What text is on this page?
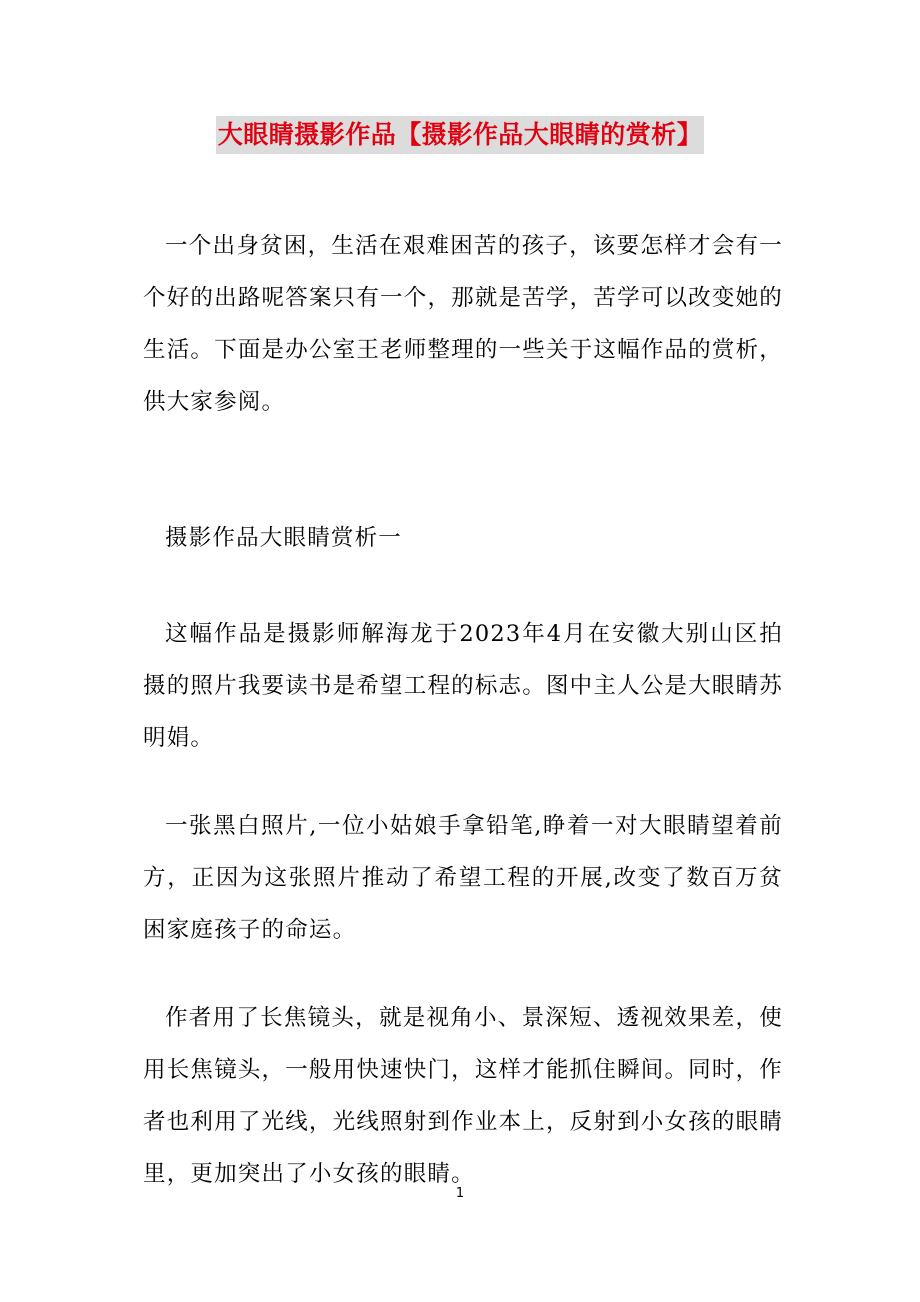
大眼睛摄影作品【摄影作品大眼睛的赏析】

一个出身贫困，生活在艰难困苦的孩子，该要怎样才会有一个好的出路呢答案只有一个，那就是苦学，苦学可以改变她的生活。下面是办公室王老师整理的一些关于这幅作品的赏析，供大家参阅。

摄影作品大眼睛赏析一

这幅作品是摄影师解海龙于2023年4月在安徽大别山区拍摄的照片我要读书是希望工程的标志。图中主人公是大眼睛苏明娟。

一张黑白照片,一位小姑娘手拿铅笔,睁着一对大眼睛望着前方，正因为这张照片推动了希望工程的开展,改变了数百万贫困家庭孩子的命运。

作者用了长焦镜头，就是视角小、景深短、透视效果差，使用长焦镜头，一般用快速快门，这样才能抓住瞬间。同时，作者也利用了光线，光线照射到作业本上，反射到小女孩的眼睛里，更加突出了小女孩的眼睛。

1
